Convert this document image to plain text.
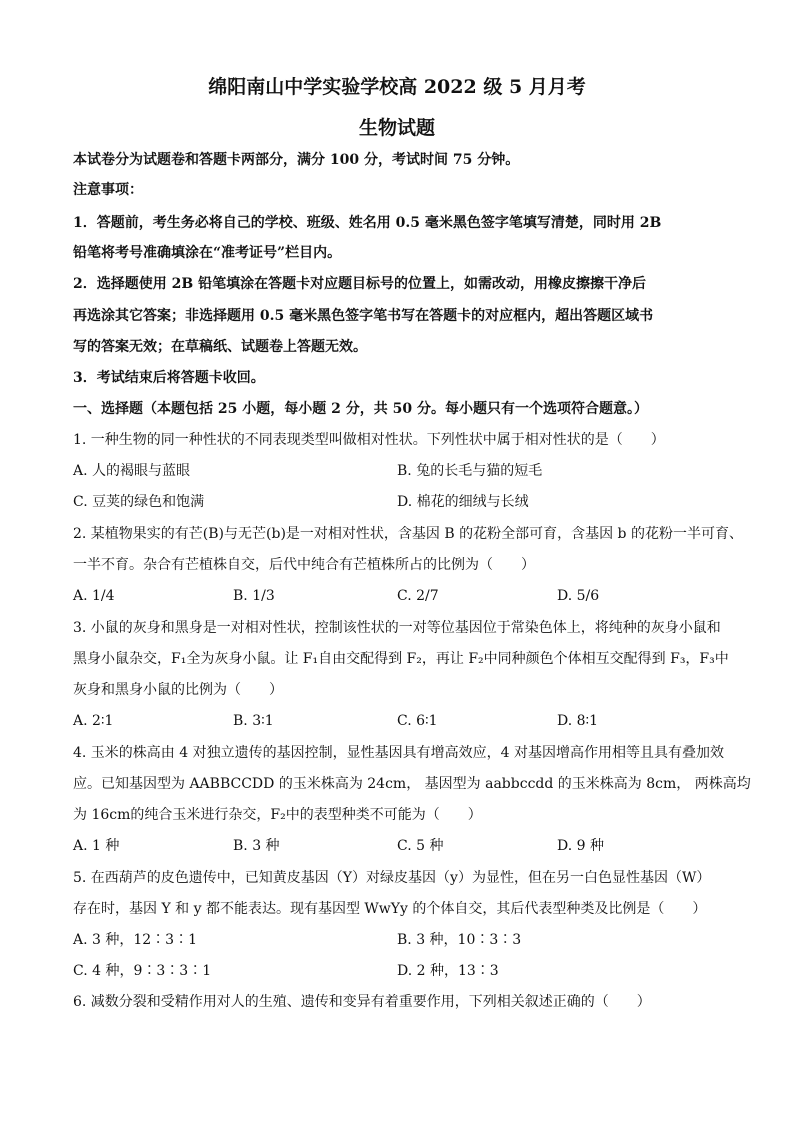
绵阳南山中学实验学校高 2022 级 5 月月考
生物试题
本试卷分为试题卷和答题卡两部分，满分 100 分，考试时间 75 分钟。
注意事项：
1．答题前，考生务必将自己的学校、班级、姓名用 0.5 毫米黑色签字笔填写清楚，同时用 2B
铅笔将考号准确填涂在“准考证号”栏目内。
2．选择题使用 2B 铅笔填涂在答题卡对应题目标号的位置上，如需改动，用橡皮擦擦干净后
再选涂其它答案；非选择题用 0.5 毫米黑色签字笔书写在答题卡的对应框内，超出答题区域书
写的答案无效；在草稿纸、试题卷上答题无效。
3．考试结束后将答题卡收回。
一、选择题（本题包括 25 小题，每小题 2 分，共 50 分。每小题只有一个选项符合题意。）
1. 一种生物的同一种性状的不同表现类型叫做相对性状。下列性状中属于相对性状的是（　　）
A. 人的褐眼与蓝眼	B. 兔的长毛与猫的短毛
C. 豆荚的绿色和饱满	D. 棉花的细绒与长绒
2. 某植物果实的有芒(B)与无芒(b)是一对相对性状，含基因 B 的花粉全部可育，含基因 b 的花粉一半可育、
一半不育。杂合有芒植株自交，后代中纯合有芒植株所占的比例为（　　）
A. 1/4	B. 1/3	C. 2/7	D. 5/6
3. 小鼠的灰身和黑身是一对相对性状，控制该性状的一对等位基因位于常染色体上，将纯种的灰身小鼠和
黑身小鼠杂交，F₁全为灰身小鼠。让 F₁自由交配得到 F₂，再让 F₂中同种颜色个体相互交配得到 F₃，F₃中
灰身和黑身小鼠的比例为（　　）
A. 2∶1	B. 3∶1	C. 6∶1	D. 8∶1
4. 玉米的株高由 4 对独立遗传的基因控制，显性基因具有增高效应，4 对基因增高作用相等且具有叠加效
应。已知基因型为 AABBCCDD 的玉米株高为 24cm， 基因型为 aabbccdd 的玉米株高为 8cm， 两株高均
为 16cm的纯合玉米进行杂交，F₂中的表型种类不可能为（　　）
A. 1 种	B. 3 种	C. 5 种	D. 9 种
5. 在西葫芦的皮色遗传中，已知黄皮基因（Y）对绿皮基因（y）为显性，但在另一白色显性基因（W）
存在时，基因 Y 和 y 都不能表达。现有基因型 WwYy 的个体自交，其后代表型种类及比例是（　　）
A. 3 种，12∶3∶1	B. 3 种，10∶3∶3
C. 4 种，9∶3∶3∶1	D. 2 种，13∶3
6. 减数分裂和受精作用对人的生殖、遗传和变异有着重要作用，下列相关叙述正确的（　　）
